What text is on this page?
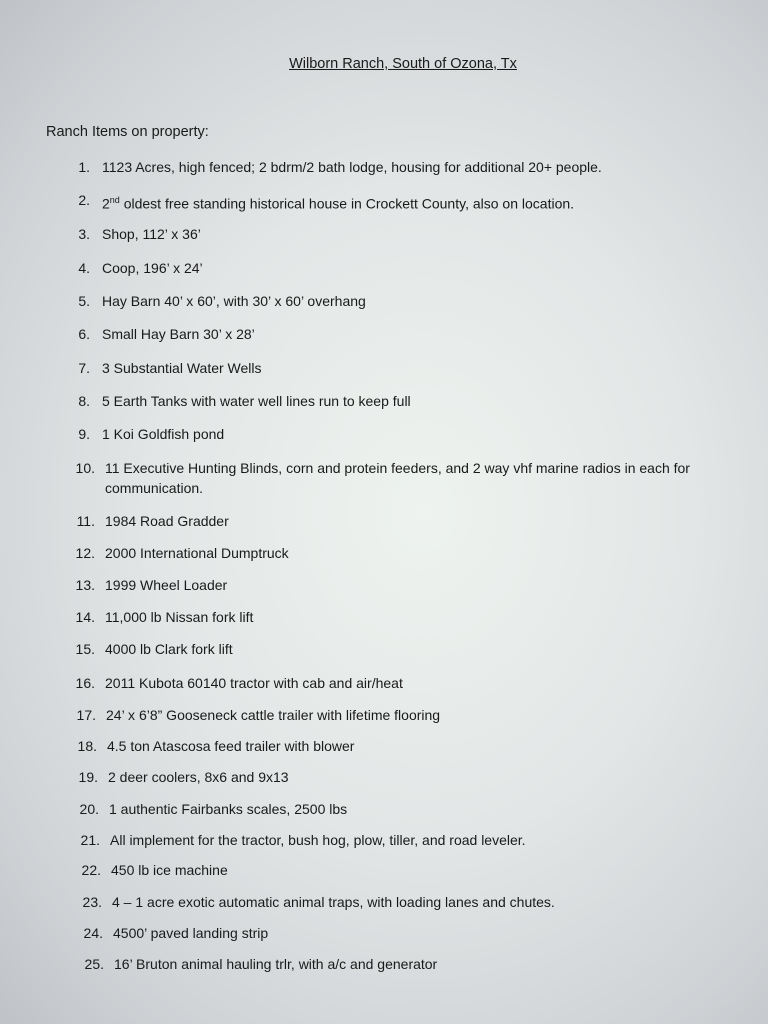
Wilborn Ranch, South of Ozona, Tx
Ranch Items on property:
1. 1123 Acres, high fenced; 2 bdrm/2 bath lodge, housing for additional 20+ people.
2. 2nd oldest free standing historical house in Crockett County, also on location.
3. Shop, 112’ x 36’
4. Coop, 196’ x 24’
5. Hay Barn 40’ x 60’, with 30’ x 60’ overhang
6. Small Hay Barn 30’ x 28’
7. 3 Substantial Water Wells
8. 5 Earth Tanks with water well lines run to keep full
9. 1 Koi Goldfish pond
10. 11 Executive Hunting Blinds, corn and protein feeders, and 2 way vhf marine radios in each for communication.
11. 1984 Road Gradder
12. 2000 International Dumptruck
13. 1999 Wheel Loader
14. 11,000 lb Nissan fork lift
15. 4000 lb Clark fork lift
16. 2011 Kubota 60140 tractor with cab and air/heat
17. 24’ x 6’8” Gooseneck cattle trailer with lifetime flooring
18. 4.5 ton Atascosa feed trailer with blower
19. 2 deer coolers, 8x6 and 9x13
20. 1 authentic Fairbanks scales, 2500 lbs
21. All implement for the tractor, bush hog, plow, tiller, and road leveler.
22. 450 lb ice machine
23. 4 – 1 acre exotic automatic animal traps, with loading lanes and chutes.
24. 4500’ paved landing strip
25. 16’ Bruton animal hauling trlr, with a/c and generator
